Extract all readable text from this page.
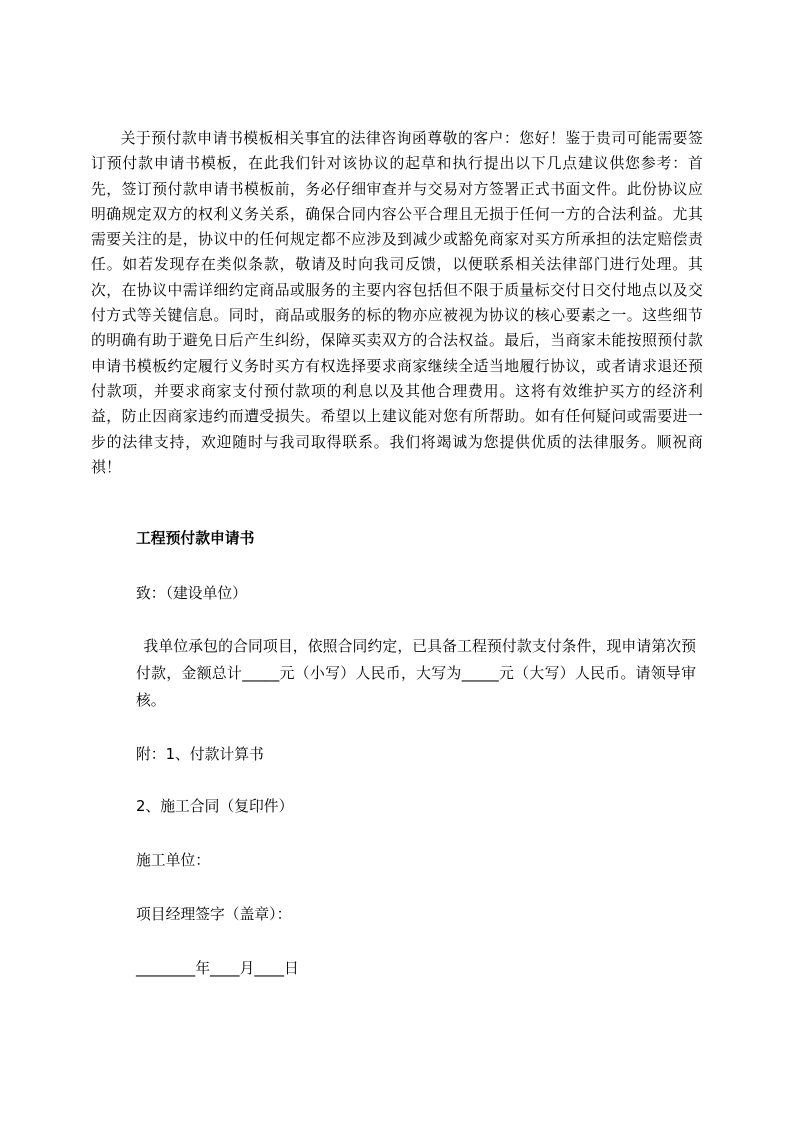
关于预付款申请书模板相关事宜的法律咨询函尊敬的客户：您好！鉴于贵司可能需要签订预付款申请书模板，在此我们针对该协议的起草和执行提出以下几点建议供您参考：首先，签订预付款申请书模板前，务必仔细审查并与交易对方签署正式书面文件。此份协议应明确规定双方的权利义务关系，确保合同内容公平合理且无损于任何一方的合法利益。尤其需要关注的是，协议中的任何规定都不应涉及到减少或豁免商家对买方所承担的法定赔偿责任。如若发现存在类似条款，敬请及时向我司反馈，以便联系相关法律部门进行处理。其次，在协议中需详细约定商品或服务的主要内容包括但不限于质量标交付日交付地点以及交付方式等关键信息。同时，商品或服务的标的物亦应被视为协议的核心要素之一。这些细节的明确有助于避免日后产生纠纷，保障买卖双方的合法权益。最后，当商家未能按照预付款申请书模板约定履行义务时买方有权选择要求商家继续全适当地履行协议，或者请求退还预付款项，并要求商家支付预付款项的利息以及其他合理费用。这将有效维护买方的经济利益，防止因商家违约而遭受损失。希望以上建议能对您有所帮助。如有任何疑问或需要进一步的法律支持，欢迎随时与我司取得联系。我们将竭诚为您提供优质的法律服务。顺祝商祺！

工程预付款申请书

致：（建设单位）

我单位承包的合同项目，依照合同约定，已具备工程预付款支付条件，现申请第次预付款，金额总计_____元（小写）人民币，大写为_____元（大写）人民币。请领导审核。

附：1、付款计算书

2、施工合同（复印件）

施工单位：

项目经理签字（盖章）：

________年____月____日
